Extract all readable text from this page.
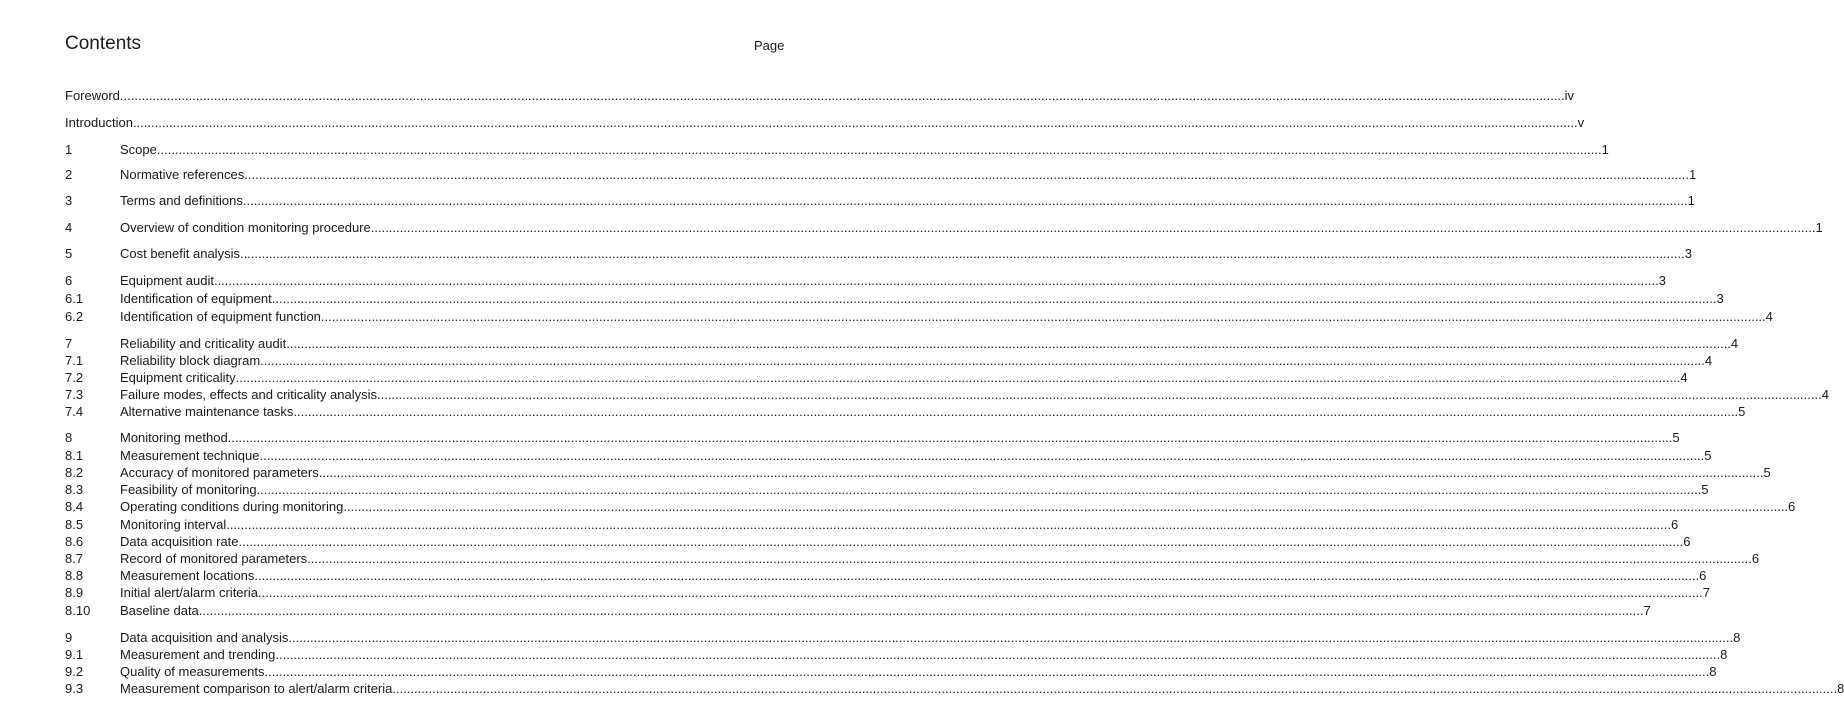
Contents	Page
Foreword ................................................................................................................................................................................................................................................................................................................................................................................................................ iv
Introduction ................................................................................................................................................................................................................................................................................................................................................................................................................ v
1	Scope ................................................................................................................................................................................................................................................................................................................................................................................................................ 1
2	Normative references ................................................................................................................................................................................................................................................................................................................................................................................................................ 1
3	Terms and definitions ................................................................................................................................................................................................................................................................................................................................................................................................................ 1
4	Overview of condition monitoring procedure ................................................................................................................................................................................................................................................................................................................................................................................................................ 1
5	Cost benefit analysis ................................................................................................................................................................................................................................................................................................................................................................................................................ 3
6	Equipment audit ................................................................................................................................................................................................................................................................................................................................................................................................................ 3
6.1	Identification of equipment ................................................................................................................................................................................................................................................................................................................................................................................................................ 3
6.2	Identification of equipment function ................................................................................................................................................................................................................................................................................................................................................................................................................ 4
7	Reliability and criticality audit ................................................................................................................................................................................................................................................................................................................................................................................................................ 4
7.1	Reliability block diagram ................................................................................................................................................................................................................................................................................................................................................................................................................ 4
7.2	Equipment criticality ................................................................................................................................................................................................................................................................................................................................................................................................................ 4
7.3	Failure modes, effects and criticality analysis ................................................................................................................................................................................................................................................................................................................................................................................................................ 4
7.4	Alternative maintenance tasks ................................................................................................................................................................................................................................................................................................................................................................................................................ 5
8	Monitoring method ................................................................................................................................................................................................................................................................................................................................................................................................................ 5
8.1	Measurement technique ................................................................................................................................................................................................................................................................................................................................................................................................................ 5
8.2	Accuracy of monitored parameters ................................................................................................................................................................................................................................................................................................................................................................................................................ 5
8.3	Feasibility of monitoring ................................................................................................................................................................................................................................................................................................................................................................................................................ 5
8.4	Operating conditions during monitoring ................................................................................................................................................................................................................................................................................................................................................................................................................ 6
8.5	Monitoring interval ................................................................................................................................................................................................................................................................................................................................................................................................................ 6
8.6	Data acquisition rate ................................................................................................................................................................................................................................................................................................................................................................................................................ 6
8.7	Record of monitored parameters ................................................................................................................................................................................................................................................................................................................................................................................................................ 6
8.8	Measurement locations ................................................................................................................................................................................................................................................................................................................................................................................................................ 6
8.9	Initial alert/alarm criteria ................................................................................................................................................................................................................................................................................................................................................................................................................ 7
8.10 Baseline data ................................................................................................................................................................................................................................................................................................................................................................................................................ 7
9	Data acquisition and analysis ................................................................................................................................................................................................................................................................................................................................................................................................................ 8
9.1	Measurement and trending ................................................................................................................................................................................................................................................................................................................................................................................................................ 8
9.2	Quality of measurements ................................................................................................................................................................................................................................................................................................................................................................................................................ 8
9.3	Measurement comparison to alert/alarm criteria ................................................................................................................................................................................................................................................................................................................................................................................................................ 8
